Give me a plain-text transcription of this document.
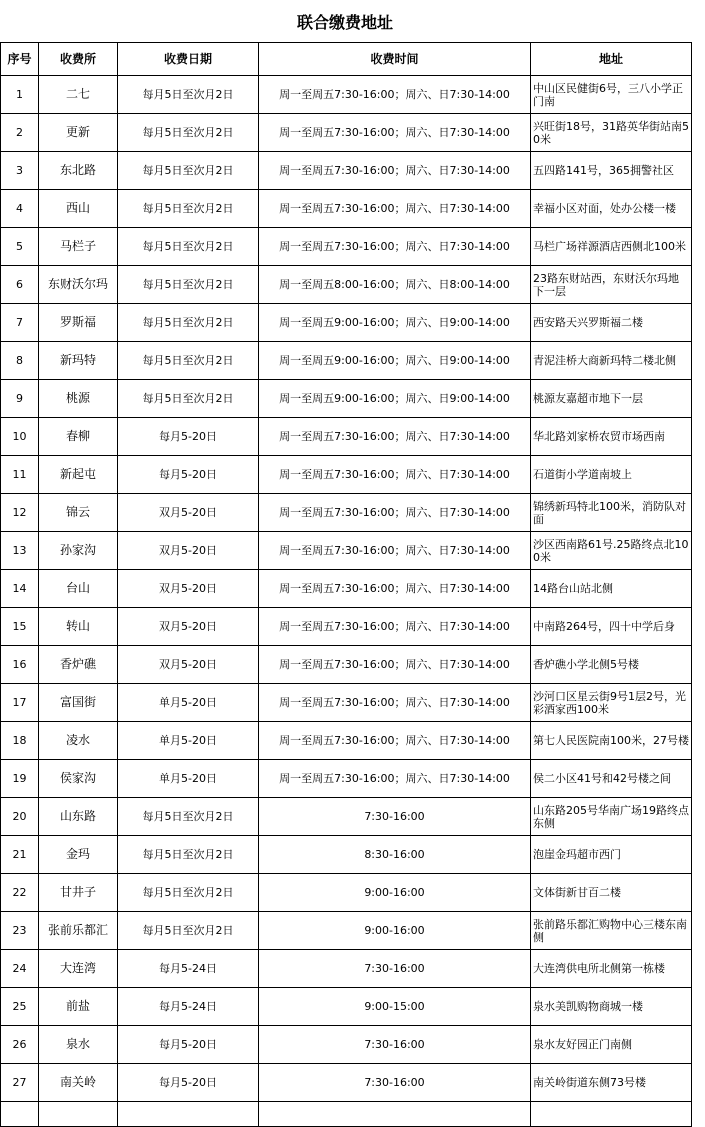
联合缴费地址
序号	收费所	收费日期	收费时间	地址
1	二七	每月5日至次月2日	周一至周五7:30-16:00；周六、日7:30-14:00	中山区民健街6号，三八小学正门南
2	更新	每月5日至次月2日	周一至周五7:30-16:00；周六、日7:30-14:00	兴旺街18号，31路英华街站南50米
3	东北路	每月5日至次月2日	周一至周五7:30-16:00；周六、日7:30-14:00	五四路141号，365拥警社区
4	西山	每月5日至次月2日	周一至周五7:30-16:00；周六、日7:30-14:00	幸福小区对面，处办公楼一楼
5	马栏子	每月5日至次月2日	周一至周五7:30-16:00；周六、日7:30-14:00	马栏广场祥源酒店西侧北100米
6	东财沃尔玛	每月5日至次月2日	周一至周五8:00-16:00；周六、日8:00-14:00	23路东财站西，东财沃尔玛地下一层
7	罗斯福	每月5日至次月2日	周一至周五9:00-16:00；周六、日9:00-14:00	西安路天兴罗斯福二楼
8	新玛特	每月5日至次月2日	周一至周五9:00-16:00；周六、日9:00-14:00	青泥洼桥大商新玛特二楼北侧
9	桃源	每月5日至次月2日	周一至周五9:00-16:00；周六、日9:00-14:00	桃源友嘉超市地下一层
10	春柳	每月5-20日	周一至周五7:30-16:00；周六、日7:30-14:00	华北路刘家桥农贸市场西南
11	新起屯	每月5-20日	周一至周五7:30-16:00；周六、日7:30-14:00	石道街小学道南坡上
12	锦云	双月5-20日	周一至周五7:30-16:00；周六、日7:30-14:00	锦绣新玛特北100米，消防队对面
13	孙家沟	双月5-20日	周一至周五7:30-16:00；周六、日7:30-14:00	沙区西南路61号.25路终点北100米
14	台山	双月5-20日	周一至周五7:30-16:00；周六、日7:30-14:00	14路台山站北侧
15	转山	双月5-20日	周一至周五7:30-16:00；周六、日7:30-14:00	中南路264号，四十中学后身
16	香炉礁	双月5-20日	周一至周五7:30-16:00；周六、日7:30-14:00	香炉礁小学北侧5号楼
17	富国街	单月5-20日	周一至周五7:30-16:00；周六、日7:30-14:00	沙河口区星云街9号1层2号，光彩酒家西100米
18	凌水	单月5-20日	周一至周五7:30-16:00；周六、日7:30-14:00	第七人民医院南100米，27号楼
19	侯家沟	单月5-20日	周一至周五7:30-16:00；周六、日7:30-14:00	侯二小区41号和42号楼之间
20	山东路	每月5日至次月2日	7:30-16:00	山东路205号华南广场19路终点东侧
21	金玛	每月5日至次月2日	8:30-16:00	泡崖金玛超市西门
22	甘井子	每月5日至次月2日	9:00-16:00	文体街新甘百二楼
23	张前乐都汇	每月5日至次月2日	9:00-16:00	张前路乐都汇购物中心三楼东南侧
24	大连湾	每月5-24日	7:30-16:00	大连湾供电所北侧第一栋楼
25	前盐	每月5-24日	9:00-15:00	泉水美凯购物商城一楼
26	泉水	每月5-20日	7:30-16:00	泉水友好园正门南侧
27	南关岭	每月5-20日	7:30-16:00	南关岭街道东侧73号楼
